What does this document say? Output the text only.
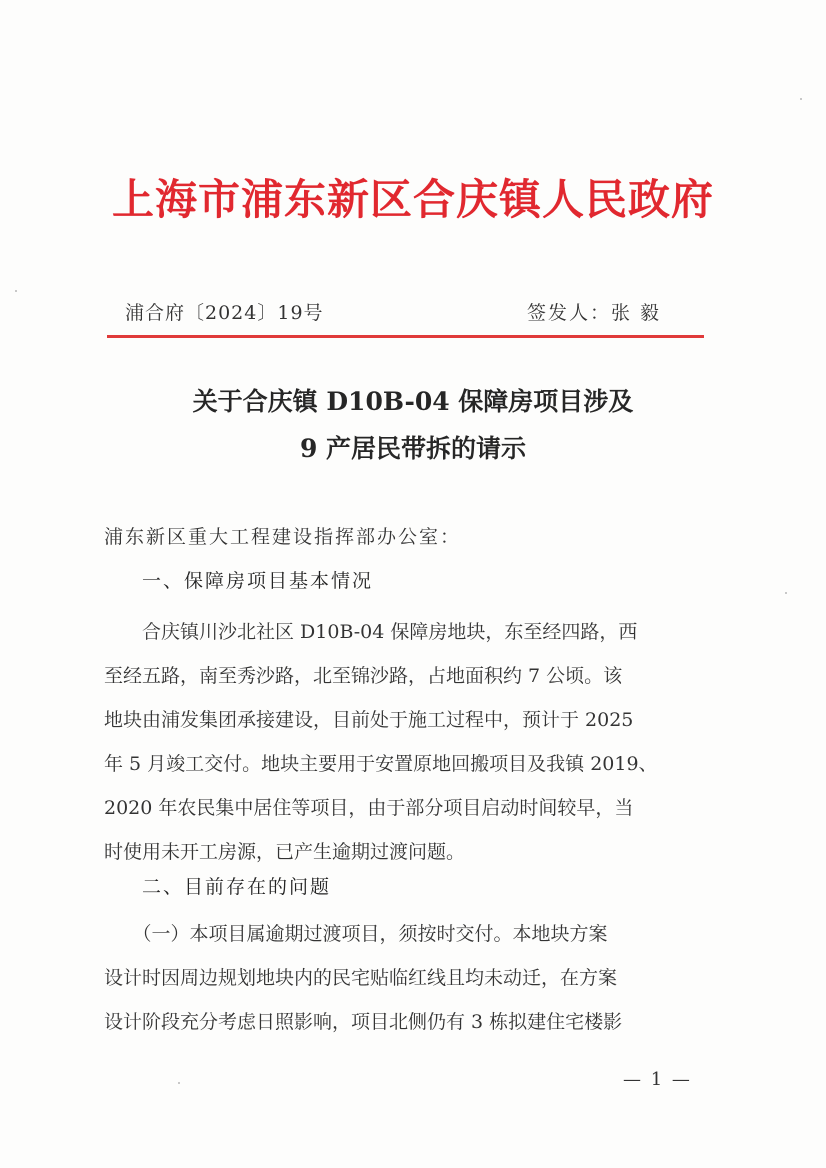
上海市浦东新区合庆镇人民政府
浦合府〔2024〕19号	签发人：张 毅
关于合庆镇 D10B-04 保障房项目涉及
9 产居民带拆的请示
浦东新区重大工程建设指挥部办公室：
一、保障房项目基本情况
　　合庆镇川沙北社区 D10B-04 保障房地块，东至经四路，西
至经五路，南至秀沙路，北至锦沙路，占地面积约 7 公顷。该
地块由浦发集团承接建设，目前处于施工过程中，预计于 2025
年 5 月竣工交付。地块主要用于安置原地回搬项目及我镇 2019、
2020 年农民集中居住等项目，由于部分项目启动时间较早，当
时使用未开工房源，已产生逾期过渡问题。
二、目前存在的问题
　　（一）本项目属逾期过渡项目，须按时交付。本地块方案
设计时因周边规划地块内的民宅贴临红线且均未动迁，在方案
设计阶段充分考虑日照影响，项目北侧仍有 3 栋拟建住宅楼影
— 1 —
